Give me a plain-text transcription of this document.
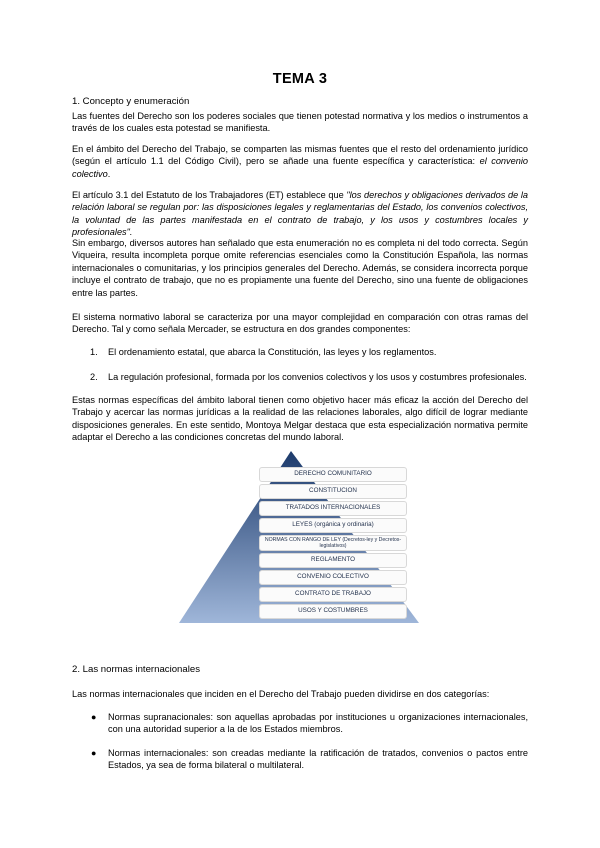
TEMA 3
1. Concepto y enumeración
Las fuentes del Derecho son los poderes sociales que tienen potestad normativa y los medios o instrumentos a través de los cuales esta potestad se manifiesta.
En el ámbito del Derecho del Trabajo, se comparten las mismas fuentes que el resto del ordenamiento jurídico (según el artículo 1.1 del Código Civil), pero se añade una fuente específica y característica: el convenio colectivo.
El artículo 3.1 del Estatuto de los Trabajadores (ET) establece que "los derechos y obligaciones derivados de la relación laboral se regulan por: las disposiciones legales y reglamentarias del Estado, los convenios colectivos, la voluntad de las partes manifestada en el contrato de trabajo, y los usos y costumbres locales y profesionales".
Sin embargo, diversos autores han señalado que esta enumeración no es completa ni del todo correcta. Según Viqueira, resulta incompleta porque omite referencias esenciales como la Constitución Española, las normas internacionales o comunitarias, y los principios generales del Derecho. Además, se considera incorrecta porque incluye el contrato de trabajo, que no es propiamente una fuente del Derecho, sino una fuente de obligaciones entre las partes.
El sistema normativo laboral se caracteriza por una mayor complejidad en comparación con otras ramas del Derecho. Tal y como señala Mercader, se estructura en dos grandes componentes:
1. El ordenamiento estatal, que abarca la Constitución, las leyes y los reglamentos.
2. La regulación profesional, formada por los convenios colectivos y los usos y costumbres profesionales.
Estas normas específicas del ámbito laboral tienen como objetivo hacer más eficaz la acción del Derecho del Trabajo y acercar las normas jurídicas a la realidad de las relaciones laborales, algo difícil de lograr mediante disposiciones generales. En este sentido, Montoya Melgar destaca que esta especialización normativa permite adaptar el Derecho a las condiciones concretas del mundo laboral.
DERECHO COMUNITARIO
CONSTITUCION
TRATADOS INTERNACIONALES
LEYES (orgánica y ordinaria)
NORMAS CON RANGO DE LEY (Decretos-ley y Decretos-legislativos)
REGLAMENTO
CONVENIO COLECTIVO
CONTRATO DE TRABAJO
USOS Y COSTUMBRES
2. Las normas internacionales
Las normas internacionales que inciden en el Derecho del Trabajo pueden dividirse en dos categorías:
● Normas supranacionales: son aquellas aprobadas por instituciones u organizaciones internacionales, con una autoridad superior a la de los Estados miembros.
● Normas internacionales: son creadas mediante la ratificación de tratados, convenios o pactos entre Estados, ya sea de forma bilateral o multilateral.
